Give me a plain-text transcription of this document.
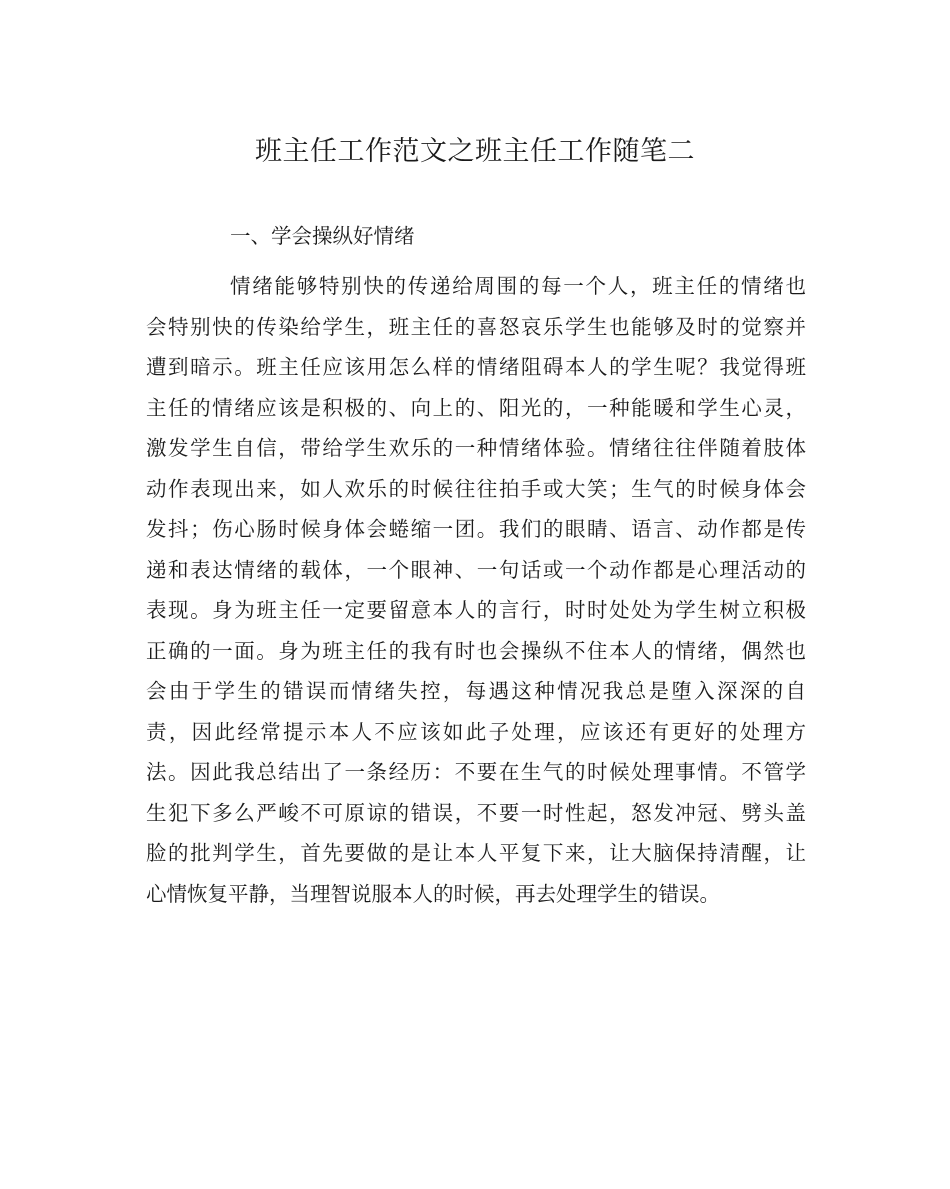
班主任工作范文之班主任工作随笔二
一、学会操纵好情绪
情绪能够特别快的传递给周围的每一个人，班主任的情绪也
会特别快的传染给学生，班主任的喜怒哀乐学生也能够及时的觉察并
遭到暗示。班主任应该用怎么样的情绪阻碍本人的学生呢？我觉得班
主任的情绪应该是积极的、向上的、阳光的，一种能暖和学生心灵，
激发学生自信，带给学生欢乐的一种情绪体验。情绪往往伴随着肢体
动作表现出来，如人欢乐的时候往往拍手或大笑；生气的时候身体会
发抖；伤心肠时候身体会蜷缩一团。我们的眼睛、语言、动作都是传
递和表达情绪的载体，一个眼神、一句话或一个动作都是心理活动的
表现。身为班主任一定要留意本人的言行，时时处处为学生树立积极
正确的一面。身为班主任的我有时也会操纵不住本人的情绪，偶然也
会由于学生的错误而情绪失控，每遇这种情况我总是堕入深深的自
责，因此经常提示本人不应该如此子处理，应该还有更好的处理方
法。因此我总结出了一条经历：不要在生气的时候处理事情。不管学
生犯下多么严峻不可原谅的错误，不要一时性起，怒发冲冠、劈头盖
脸的批判学生，首先要做的是让本人平复下来，让大脑保持清醒，让
心情恢复平静，当理智说服本人的时候，再去处理学生的错误。
